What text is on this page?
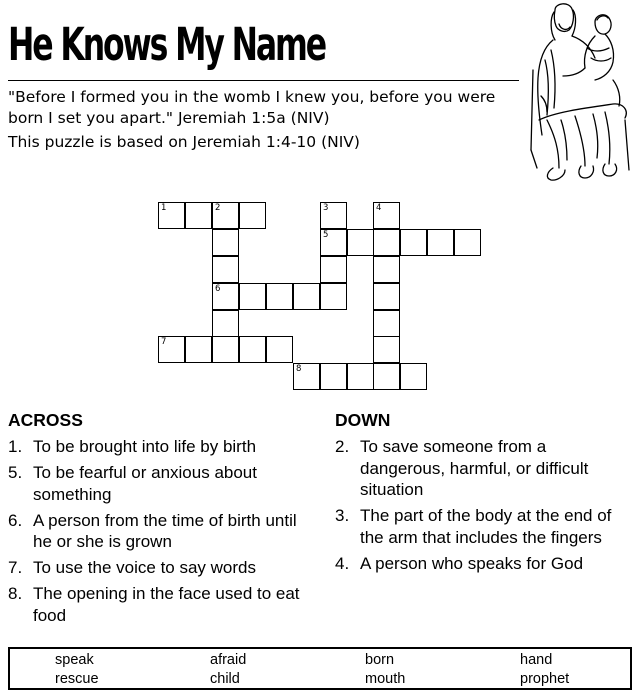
He Knows My Name

"Before I formed you in the womb I knew you, before you were born I set you apart." Jeremiah 1:5a (NIV)

This puzzle is based on Jeremiah 1:4-10 (NIV)

1	2	3	4
5
6
7
8
ACROSS	DOWN
1. To be brought into life by birth
5. To be fearful or anxious about something
6. A person from the time of birth until he or she is grown
7. To use the voice to say words
8. The opening in the face used to eat food
2. To save someone from a dangerous, harmful, or difficult situation
3. The part of the body at the end of the arm that includes the fingers
4. A person who speaks for God
speak	afraid	born	hand
rescue	child	mouth	prophet
